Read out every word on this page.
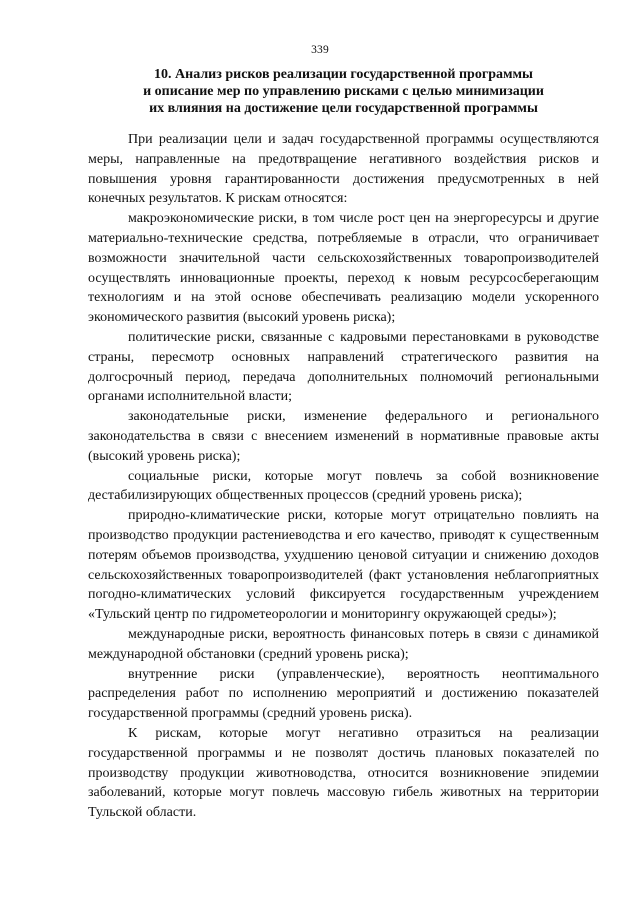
339
10. Анализ рисков реализации государственной программы
и описание мер по управлению рисками с целью минимизации
их влияния на достижение цели государственной программы

При реализации цели и задач государственной программы осуществляются меры, направленные на предотвращение негативного воздействия рисков и повышения уровня гарантированности достижения предусмотренных в ней конечных результатов. К рискам относятся:

макроэкономические риски, в том числе рост цен на энергоресурсы и другие материально-технические средства, потребляемые в отрасли, что ограничивает возможности значительной части сельскохозяйственных товаропроизводителей осуществлять инновационные проекты, переход к новым ресурсосберегающим технологиям и на этой основе обеспечивать реализацию модели ускоренного экономического развития (высокий уровень риска);

политические риски, связанные с кадровыми перестановками в руководстве страны, пересмотр основных направлений стратегического развития на долгосрочный период, передача дополнительных полномочий региональными органами исполнительной власти;

законодательные риски, изменение федерального и регионального законодательства в связи с внесением изменений в нормативные правовые акты (высокий уровень риска);

социальные риски, которые могут повлечь за собой возникновение дестабилизирующих общественных процессов (средний уровень риска);

природно-климатические риски, которые могут отрицательно повлиять на производство продукции растениеводства и его качество, приводят к существенным потерям объемов производства, ухудшению ценовой ситуации и снижению доходов сельскохозяйственных товаропроизводителей (факт установления неблагоприятных погодно-климатических условий фиксируется государственным учреждением «Тульский центр по гидрометеорологии и мониторингу окружающей среды»);

международные риски, вероятность финансовых потерь в связи с динамикой международной обстановки (средний уровень риска);

внутренние риски (управленческие), вероятность неоптимального распределения работ по исполнению мероприятий и достижению показателей государственной программы (средний уровень риска).

К рискам, которые могут негативно отразиться на реализации государственной программы и не позволят достичь плановых показателей по производству продукции животноводства, относится возникновение эпидемии заболеваний, которые могут повлечь массовую гибель животных на территории Тульской области.
